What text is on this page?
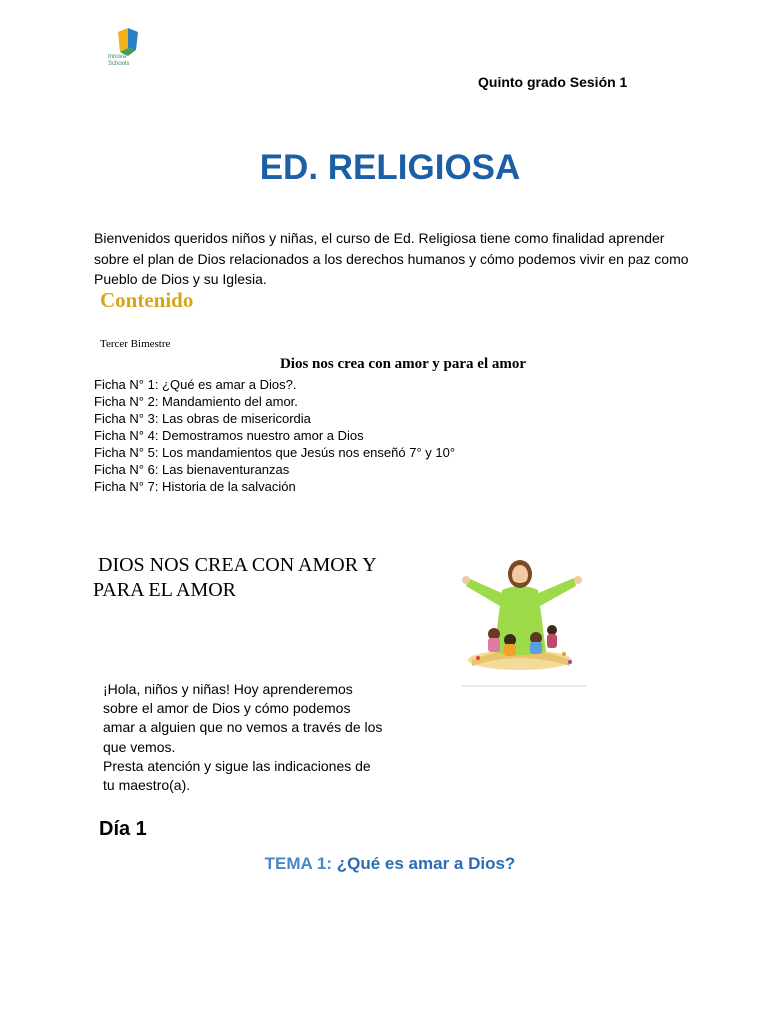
Innova Schools
Quinto grado Sesión 1
ED. RELIGIOSA
Bienvenidos queridos niños y niñas, el curso de Ed. Religiosa tiene como finalidad aprender sobre el plan de Dios relacionados a los derechos humanos y cómo podemos vivir en paz como Pueblo de Dios y su Iglesia.
Contenido
Tercer Bimestre
Dios nos crea con amor y para el amor
Ficha N° 1: ¿Qué es amar a Dios?.
Ficha N° 2: Mandamiento del amor.
Ficha N° 3: Las obras de misericordia
Ficha N° 4: Demostramos nuestro amor a Dios
Ficha N° 5: Los mandamientos que Jesús nos enseñó 7° y 10°
Ficha N° 6: Las bienaventuranzas
Ficha N° 7: Historia de la salvación
DIOS NOS CREA CON AMOR Y
PARA EL AMOR
¡Hola, niños y niñas! Hoy aprenderemos
sobre el amor de Dios y cómo podemos
amar a alguien que no vemos a través de los
que vemos.
Presta atención y sigue las indicaciones de
tu maestro(a).
Día 1
TEMA 1: ¿Qué es amar a Dios?
